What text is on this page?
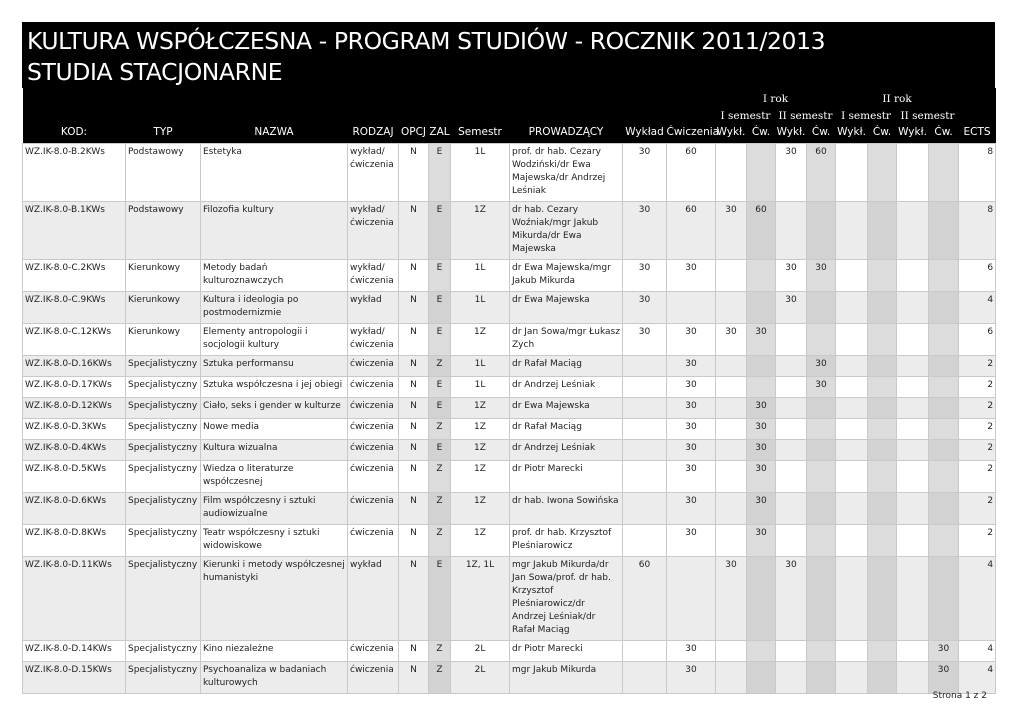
KULTURA WSPÓŁCZESNA - PROGRAM STUDIÓW - ROCZNIK 2011/2013
STUDIA STACJONARNE
										I rok				II rok				
										I semestr		II semestr		I semestr		II semestr		
KOD:	TYP	NAZWA	RODZAJ	OPCJ	ZAL	Semestr	PROWADZĄCY	Wykład	Ćwiczenia	Wykł.	Ćw.	Wykł.	Ćw.	Wykł.	Ćw.	Wykł.	Ćw.	ECTS
WZ.IK-8.0-B.2KWs	Podstawowy	Estetyka	wykład/ ćwiczenia	N	E	1L	prof. dr hab. Cezary Wodziński/dr Ewa Majewska/dr Andrzej Leśniak	30	60			30	60					8
WZ.IK-8.0-B.1KWs	Podstawowy	Filozofia kultury	wykład/ ćwiczenia	N	E	1Z	dr hab. Cezary Woźniak/mgr Jakub Mikurda/dr Ewa Majewska	30	60	30	60							8
WZ.IK-8.0-C.2KWs	Kierunkowy	Metody badań kulturoznawczych	wykład/ ćwiczenia	N	E	1L	dr Ewa Majewska/mgr Jakub Mikurda	30	30			30	30					6
WZ.IK-8.0-C.9KWs	Kierunkowy	Kultura i ideologia po postmodernizmie	wykład	N	E	1L	dr Ewa Majewska	30				30						4
WZ.IK-8.0-C.12KWs	Kierunkowy	Elementy antropologii i socjologii kultury	wykład/ ćwiczenia	N	E	1Z	dr Jan Sowa/mgr Łukasz Zych	30	30	30	30							6
WZ.IK-8.0-D.16KWs	Specjalistyczny	Sztuka performansu	ćwiczenia	N	Z	1L	dr Rafał Maciąg		30				30					2
WZ.IK-8.0-D.17KWs	Specjalistyczny	Sztuka współczesna i jej obiegi	ćwiczenia	N	E	1L	dr Andrzej Leśniak		30				30					2
WZ.IK-8.0-D.12KWs	Specjalistyczny	Ciało, seks i gender w kulturze	ćwiczenia	N	E	1Z	dr Ewa Majewska		30		30							2
WZ.IK-8.0-D.3KWs	Specjalistyczny	Nowe media	ćwiczenia	N	Z	1Z	dr Rafał Maciąg		30		30							2
WZ.IK-8.0-D.4KWs	Specjalistyczny	Kultura wizualna	ćwiczenia	N	E	1Z	dr Andrzej Leśniak		30		30							2
WZ.IK-8.0-D.5KWs	Specjalistyczny	Wiedza o literaturze współczesnej	ćwiczenia	N	Z	1Z	dr Piotr Marecki		30		30							2
WZ.IK-8.0-D.6KWs	Specjalistyczny	Film współczesny i sztuki audiowizualne	ćwiczenia	N	Z	1Z	dr hab. Iwona Sowińska		30		30							2
WZ.IK-8.0-D.8KWs	Specjalistyczny	Teatr współczesny i sztuki widowiskowe	ćwiczenia	N	Z	1Z	prof. dr hab. Krzysztof Pleśniarowicz		30		30							2
WZ.IK-8.0-D.11KWs	Specjalistyczny	Kierunki i metody współczesnej humanistyki	wykład	N	E	1Z, 1L	mgr Jakub Mikurda/dr Jan Sowa/prof. dr hab. Krzysztof Pleśniarowicz/dr Andrzej Leśniak/dr Rafał Maciąg	60		30		30						4
WZ.IK-8.0-D.14KWs	Specjalistyczny	Kino niezależne	ćwiczenia	N	Z	2L	dr Piotr Marecki		30								30	4
WZ.IK-8.0-D.15KWs	Specjalistyczny	Psychoanaliza w badaniach kulturowych	ćwiczenia	N	Z	2L	mgr Jakub Mikurda		30								30	4
Strona 1 z 2
